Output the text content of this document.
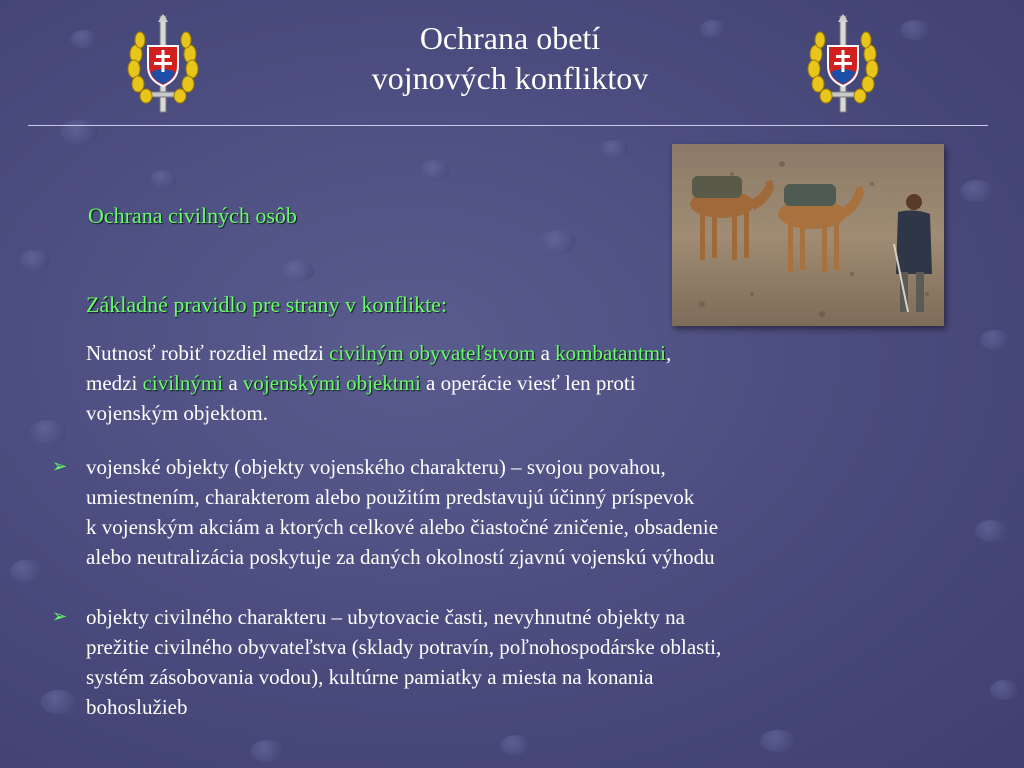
Ochrana obetí
vojnových konfliktov
Ochrana civilných osôb
Základné pravidlo pre strany v konflikte:
Nutnosť robiť rozdiel medzi civilným obyvateľstvom a kombatantmi,
medzi civilnými a vojenskými objektmi a operácie viesť len proti
vojenským objektom.
➢ vojenské objekty (objekty vojenského charakteru) – svojou povahou,
umiestnením, charakterom alebo použitím predstavujú účinný príspevok
k vojenským akciám a ktorých celkové alebo čiastočné zničenie, obsadenie
alebo neutralizácia poskytuje za daných okolností zjavnú vojenskú výhodu
➢ objekty civilného charakteru – ubytovacie časti, nevyhnutné objekty na
prežitie civilného obyvateľstva (sklady potravín, poľnohospodárske oblasti,
systém zásobovania vodou), kultúrne pamiatky a miesta na konania
bohoslužieb
